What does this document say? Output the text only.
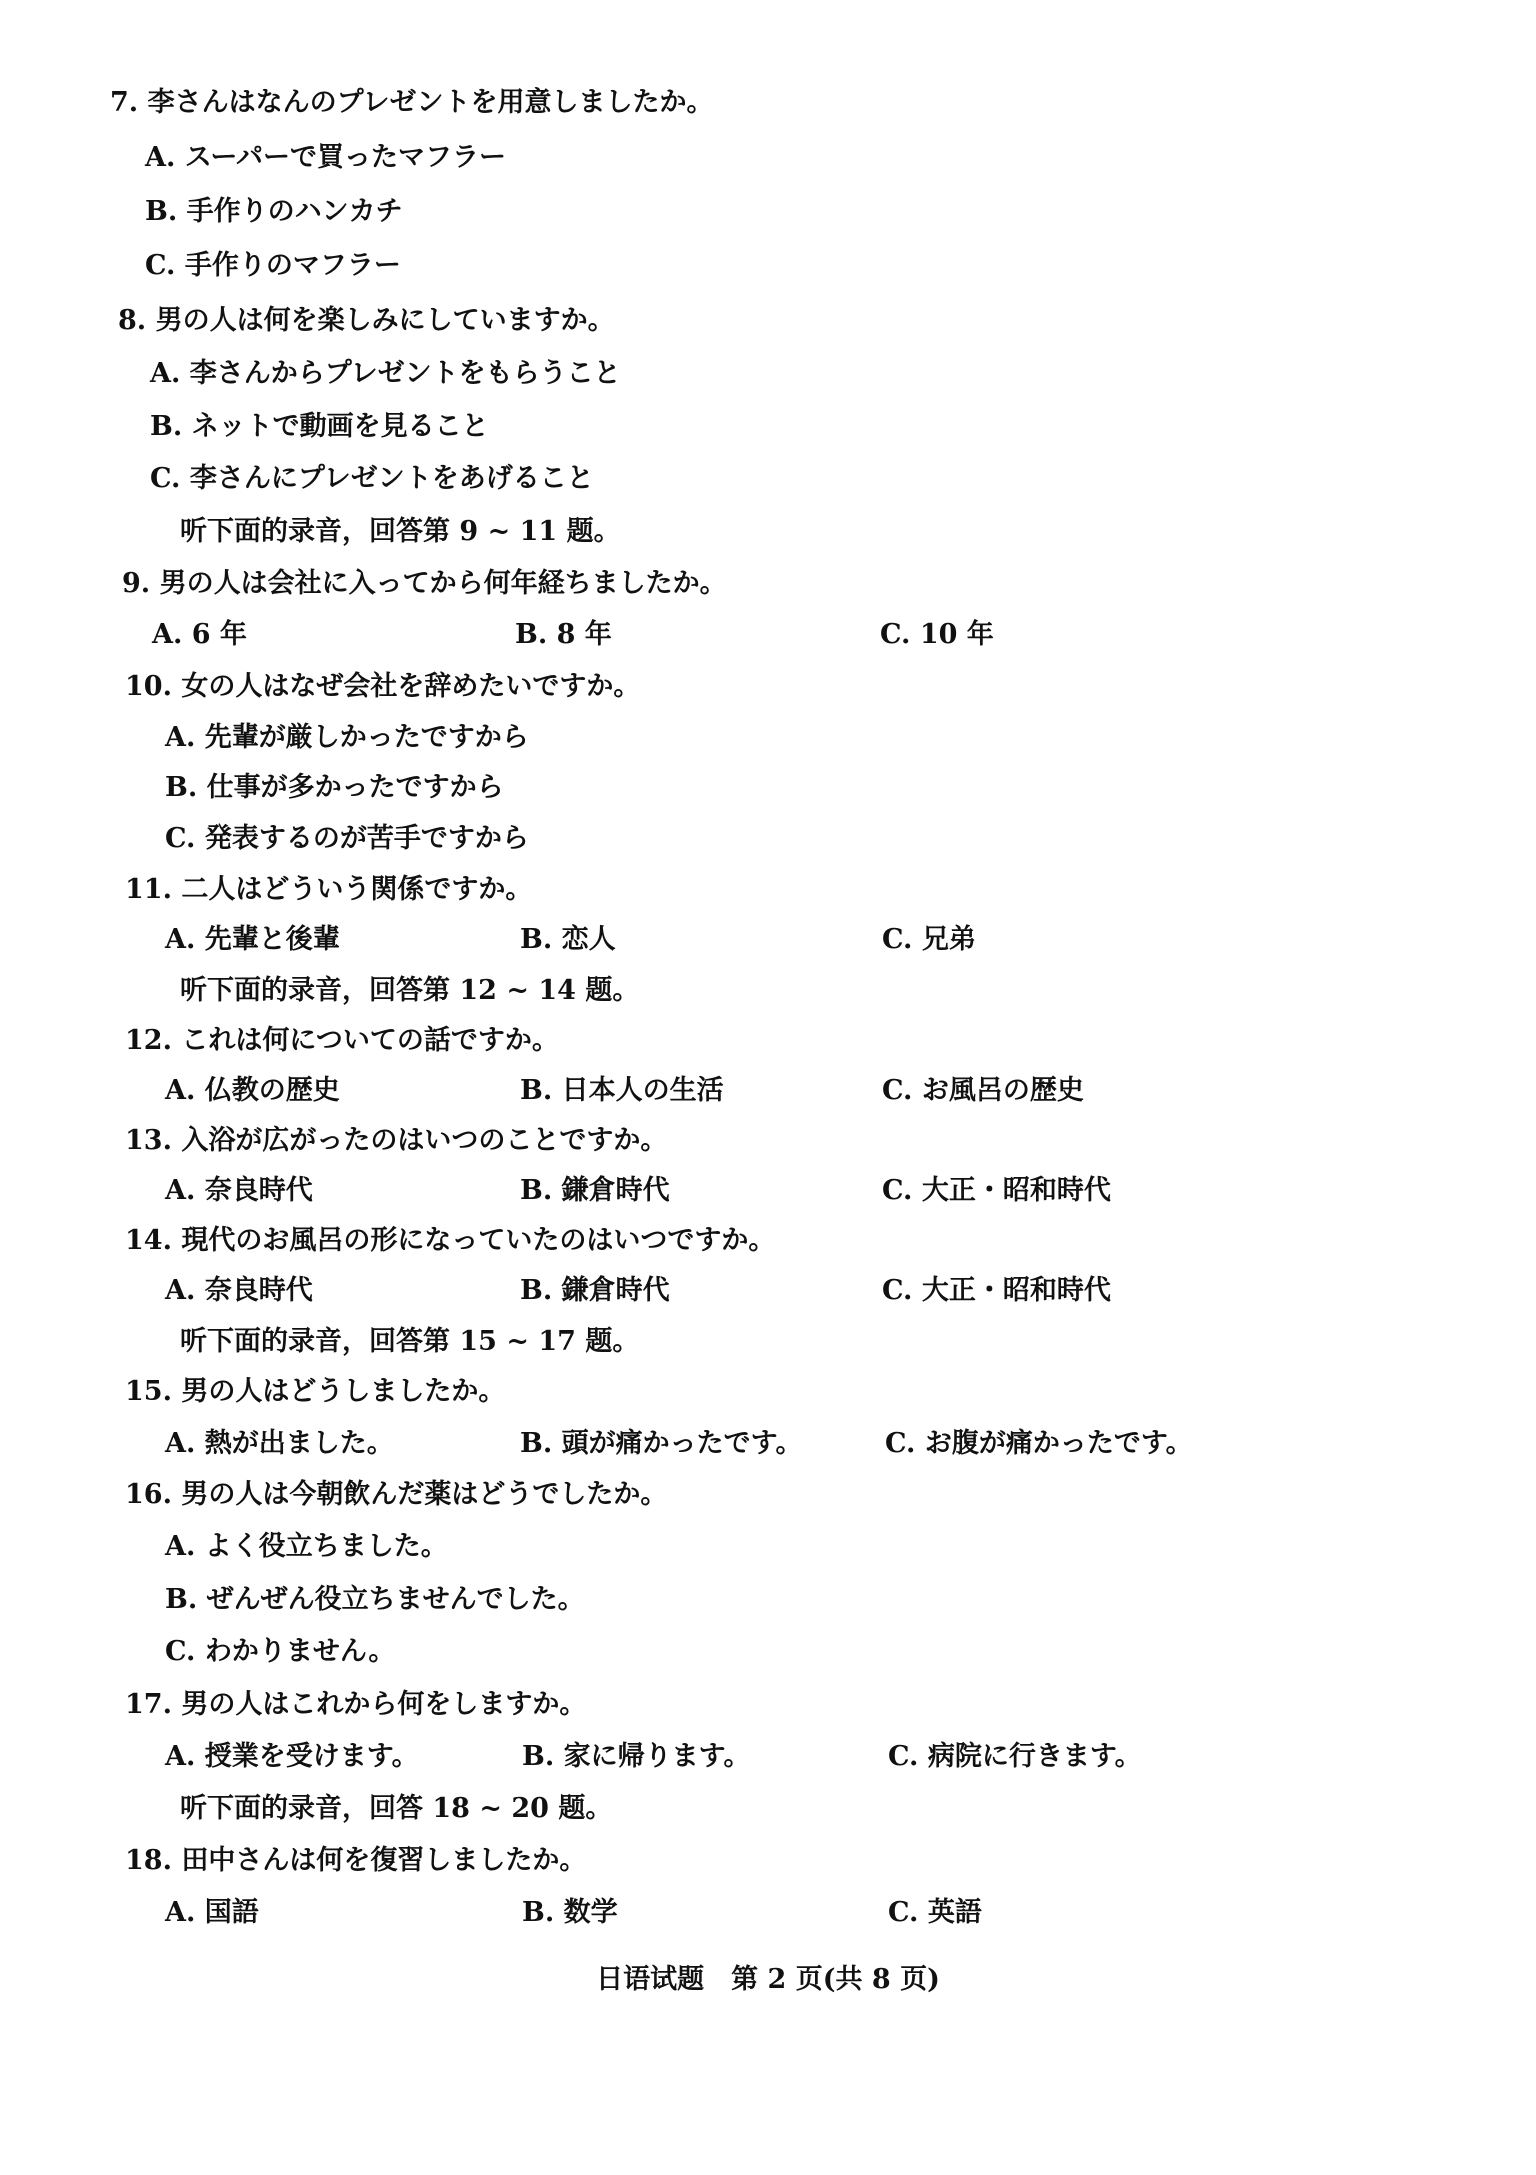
7. 李さんはなんのプレゼントを用意しましたか。
A. スーパーで買ったマフラー
B. 手作りのハンカチ
C. 手作りのマフラー
8. 男の人は何を楽しみにしていますか。
A. 李さんからプレゼントをもらうこと
B. ネットで動画を見ること
C. 李さんにプレゼントをあげること
听下面的录音，回答第 9 ~ 11 题。
9. 男の人は会社に入ってから何年経ちましたか。
A. 6 年	B. 8 年	C. 10 年
10. 女の人はなぜ会社を辞めたいですか。
A. 先輩が厳しかったですから
B. 仕事が多かったですから
C. 発表するのが苦手ですから
11. 二人はどういう関係ですか。
A. 先輩と後輩	B. 恋人	C. 兄弟
听下面的录音，回答第 12 ~ 14 题。
12. これは何についての話ですか。
A. 仏教の歴史	B. 日本人の生活	C. お風呂の歴史
13. 入浴が広がったのはいつのことですか。
A. 奈良時代	B. 鎌倉時代	C. 大正・昭和時代
14. 現代のお風呂の形になっていたのはいつですか。
A. 奈良時代	B. 鎌倉時代	C. 大正・昭和時代
听下面的录音，回答第 15 ~ 17 题。
15. 男の人はどうしましたか。
A. 熱が出ました。	B. 頭が痛かったです。	C. お腹が痛かったです。
16. 男の人は今朝飲んだ薬はどうでしたか。
A. よく役立ちました。
B. ぜんぜん役立ちませんでした。
C. わかりません。
17. 男の人はこれから何をしますか。
A. 授業を受けます。	B. 家に帰ります。	C. 病院に行きます。
听下面的录音，回答 18 ~ 20 题。
18. 田中さんは何を復習しましたか。
A. 国語	B. 数学	C. 英語
日语试题　第 2 页(共 8 页)
